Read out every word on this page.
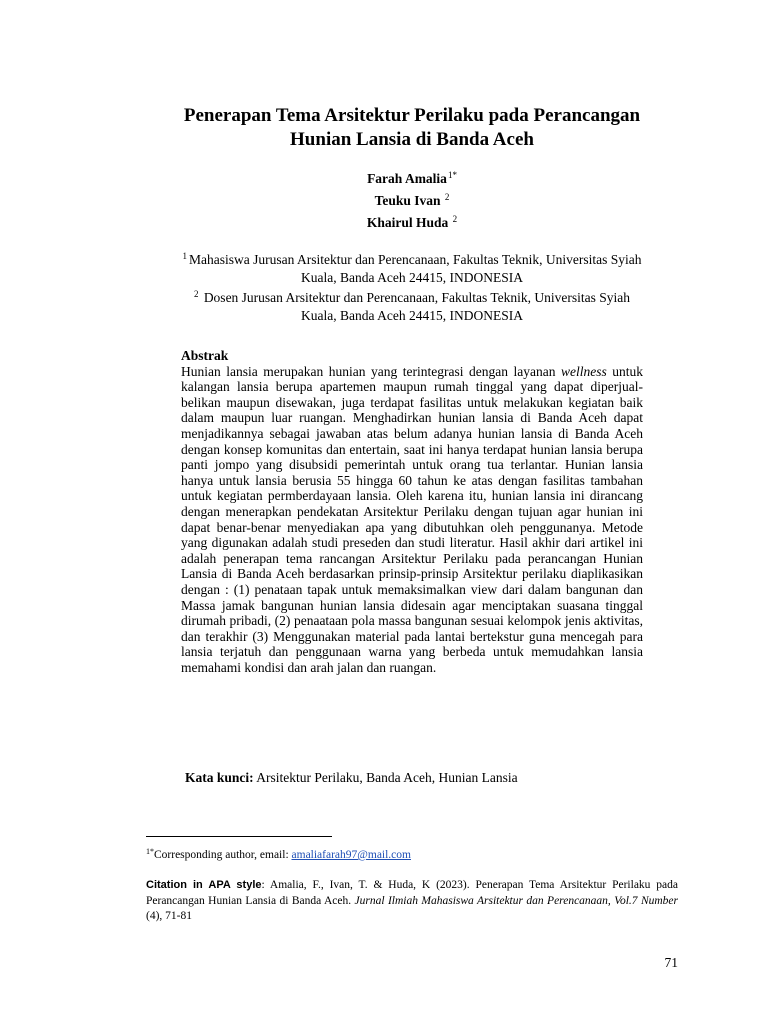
Penerapan Tema Arsitektur Perilaku pada Perancangan
Hunian Lansia di Banda Aceh
Farah Amalia$^{1*}$
Teuku Ivan $^2$
Khairul Huda $^2$
$^1$ Mahasiswa Jurusan Arsitektur dan Perencanaan, Fakultas Teknik, Universitas Syiah
Kuala, Banda Aceh 24415, INDONESIA
$^2$ Dosen Jurusan Arsitektur dan Perencanaan, Fakultas Teknik, Universitas Syiah
Kuala, Banda Aceh 24415, INDONESIA
Abstrak

Hunian lansia merupakan hunian yang terintegrasi dengan layanan wellness untuk kalangan lansia berupa apartemen maupun rumah tinggal yang dapat diperjual-belikan maupun disewakan, juga terdapat fasilitas untuk melakukan kegiatan baik dalam maupun luar ruangan. Menghadirkan hunian lansia di Banda Aceh dapat menjadikannya sebagai jawaban atas belum adanya hunian lansia di Banda Aceh dengan konsep komunitas dan entertain, saat ini hanya terdapat hunian lansia berupa panti jompo yang disubsidi pemerintah untuk orang tua terlantar. Hunian lansia hanya untuk lansia berusia 55 hingga 60 tahun ke atas dengan fasilitas tambahan untuk kegiatan permberdayaan lansia. Oleh karena itu, hunian lansia ini dirancang dengan menerapkan pendekatan Arsitektur Perilaku dengan tujuan agar hunian ini dapat benar-benar menyediakan apa yang dibutuhkan oleh penggunanya. Metode yang digunakan adalah studi preseden dan studi literatur. Hasil akhir dari artikel ini adalah penerapan tema rancangan Arsitektur Perilaku pada perancangan Hunian Lansia di Banda Aceh berdasarkan prinsip-prinsip Arsitektur perilaku diaplikasikan dengan : (1) penataan tapak untuk memaksimalkan view dari dalam bangunan dan Massa jamak bangunan hunian lansia didesain agar menciptakan suasana tinggal dirumah pribadi, (2) penaataan pola massa bangunan sesuai kelompok jenis aktivitas, dan terakhir (3) Menggunakan material pada lantai bertekstur guna mencegah para lansia terjatuh dan penggunaan warna yang berbeda untuk memudahkan lansia memahami kondisi dan arah jalan dan ruangan.

Kata kunci: Arsitektur Perilaku, Banda Aceh, Hunian Lansia
$^{1*}$Corresponding author, email: amaliafarah97@mail.com
Citation in APA style: Amalia, F., Ivan, T. & Huda, K (2023). Penerapan Tema Arsitektur Perilaku pada Perancangan Hunian Lansia di Banda Aceh. Jurnal Ilmiah Mahasiswa Arsitektur dan Perencanaan, Vol.7 Number (4), 71-81
71
